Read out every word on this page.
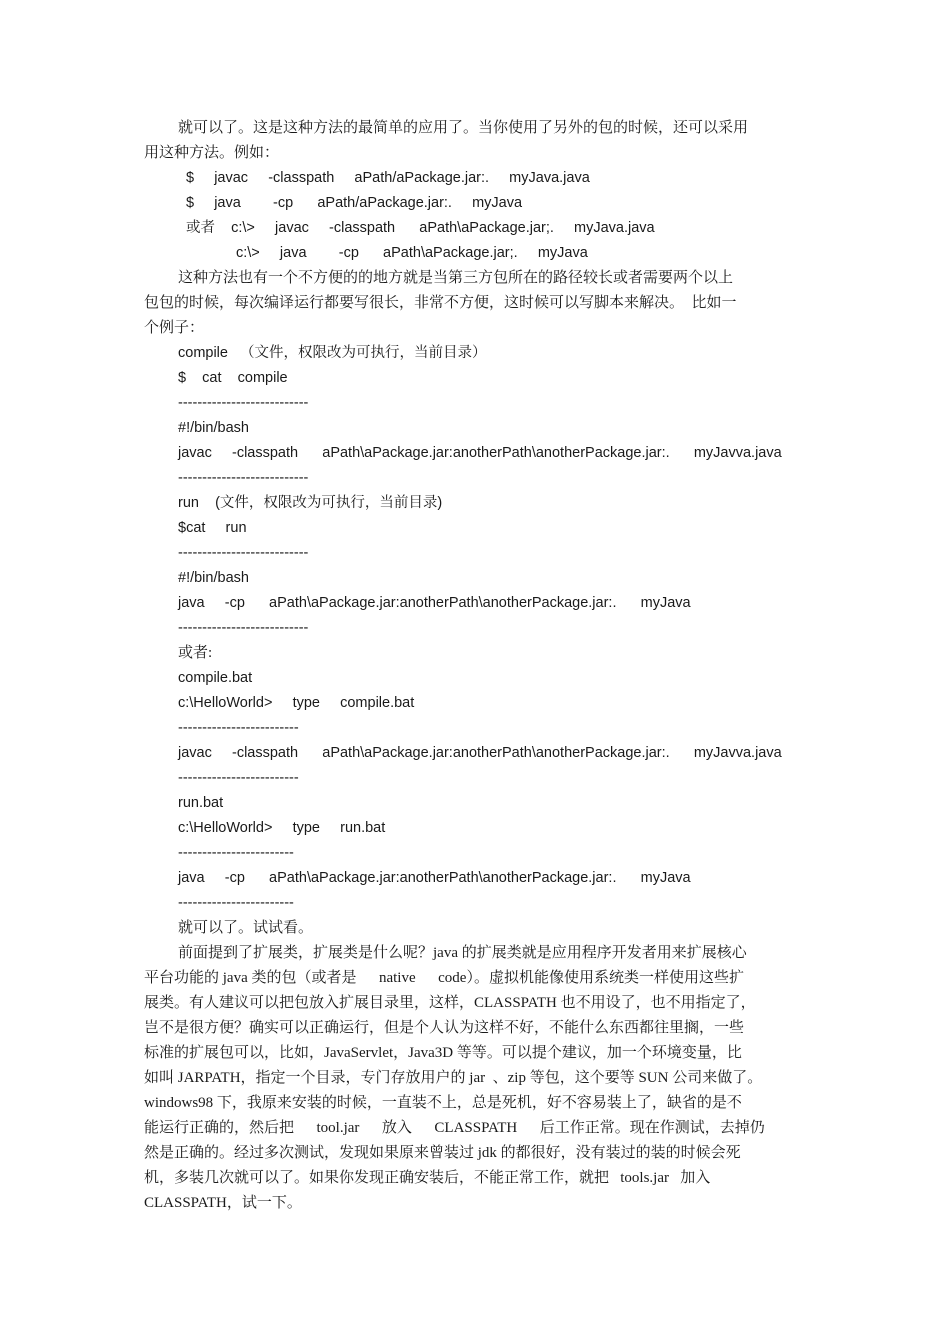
就可以了。这是这种方法的最简单的应用了。当你使用了另外的包的时候，还可以采用
用这种方法。例如：
$     javac     -classpath     aPath/aPackage.jar:.     myJava.java
$     java        -cp      aPath/aPackage.jar:.     myJava
或者    c:\>     javac     -classpath      aPath\aPackage.jar;.     myJava.java
c:\>     java        -cp      aPath\aPackage.jar;.     myJava
这种方法也有一个不方便的的地方就是当第三方包所在的路径较长或者需要两个以上
包包的时候，每次编译运行都要写很长，非常不方便，这时候可以写脚本来解决。  比如一
个例子：
compile   （文件，权限改为可执行，当前目录）
$    cat    compile
---------------------------
#!/bin/bash
javac     -classpath      aPath\aPackage.jar:anotherPath\anotherPackage.jar:.      myJavva.java
---------------------------
run    (文件，权限改为可执行，当前目录)
$cat     run
---------------------------
#!/bin/bash
java     -cp      aPath\aPackage.jar:anotherPath\anotherPackage.jar:.      myJava
---------------------------
或者:
compile.bat
c:\HelloWorld>     type     compile.bat
-------------------------
javac     -classpath      aPath\aPackage.jar:anotherPath\anotherPackage.jar:.      myJavva.java
-------------------------
run.bat
c:\HelloWorld>     type     run.bat
------------------------
java     -cp      aPath\aPackage.jar:anotherPath\anotherPackage.jar:.      myJava
------------------------
就可以了。试试看。
前面提到了扩展类，扩展类是什么呢？java 的扩展类就是应用程序开发者用来扩展核心
平台功能的 java 类的包（或者是      native      code）。虚拟机能像使用系统类一样使用这些扩
展类。有人建议可以把包放入扩展目录里，这样，CLASSPATH 也不用设了，也不用指定了，
岂不是很方便？确实可以正确运行，但是个人认为这样不好，不能什么东西都往里搁，一些
标准的扩展包可以，比如，JavaServlet，Java3D 等等。可以提个建议，加一个环境变量，比
如叫 JARPATH，指定一个目录，专门存放用户的 jar  、zip 等包，这个要等 SUN 公司来做了。
windows98 下，我原来安装的时候，一直装不上，总是死机，好不容易装上了，缺省的是不
能运行正确的，然后把      tool.jar      放入      CLASSPATH      后工作正常。现在作测试，去掉仍
然是正确的。经过多次测试，发现如果原来曾装过 jdk 的都很好，没有装过的装的时候会死
机，多装几次就可以了。如果你发现正确安装后，不能正常工作，就把   tools.jar   加入
CLASSPATH，试一下。
